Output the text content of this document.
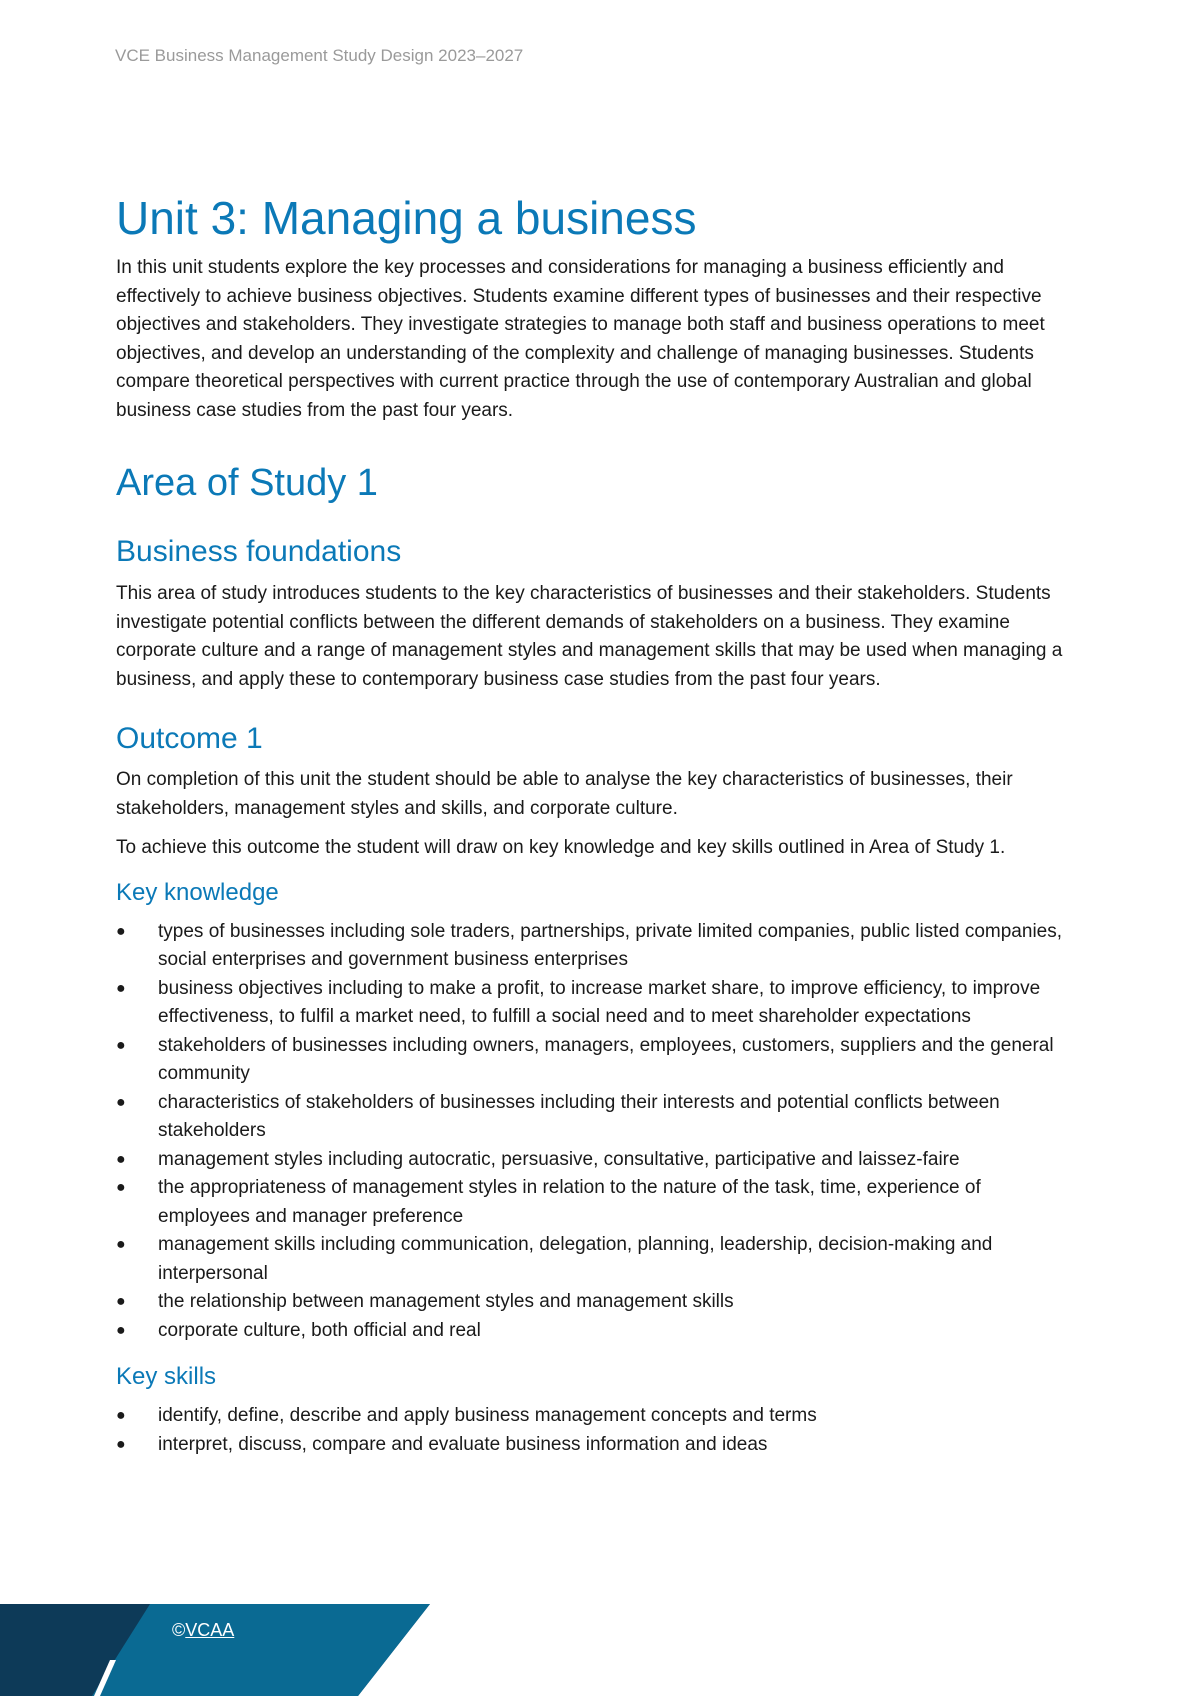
VCE Business Management Study Design 2023–2027
Unit 3: Managing a business

In this unit students explore the key processes and considerations for managing a business efficiently and effectively to achieve business objectives. Students examine different types of businesses and their respective objectives and stakeholders. They investigate strategies to manage both staff and business operations to meet objectives, and develop an understanding of the complexity and challenge of managing businesses. Students compare theoretical perspectives with current practice through the use of contemporary Australian and global business case studies from the past four years.

Area of Study 1
Business foundations

This area of study introduces students to the key characteristics of businesses and their stakeholders. Students investigate potential conflicts between the different demands of stakeholders on a business. They examine corporate culture and a range of management styles and management skills that may be used when managing a business, and apply these to contemporary business case studies from the past four years.

Outcome 1

On completion of this unit the student should be able to analyse the key characteristics of businesses, their stakeholders, management styles and skills, and corporate culture.

To achieve this outcome the student will draw on key knowledge and key skills outlined in Area of Study 1.

Key knowledge
●	types of businesses including sole traders, partnerships, private limited companies, public listed companies, social enterprises and government business enterprises
●	business objectives including to make a profit, to increase market share, to improve efficiency, to improve effectiveness, to fulfil a market need, to fulfill a social need and to meet shareholder expectations
●	stakeholders of businesses including owners, managers, employees, customers, suppliers and the general community
●	characteristics of stakeholders of businesses including their interests and potential conflicts between stakeholders
●	management styles including autocratic, persuasive, consultative, participative and laissez-faire
●	the appropriateness of management styles in relation to the nature of the task, time, experience of employees and manager preference
●	management skills including communication, delegation, planning, leadership, decision-making and interpersonal
●	the relationship between management styles and management skills
●	corporate culture, both official and real
Key skills
●	identify, define, describe and apply business management concepts and terms
●	interpret, discuss, compare and evaluate business information and ideas
©VCAA
